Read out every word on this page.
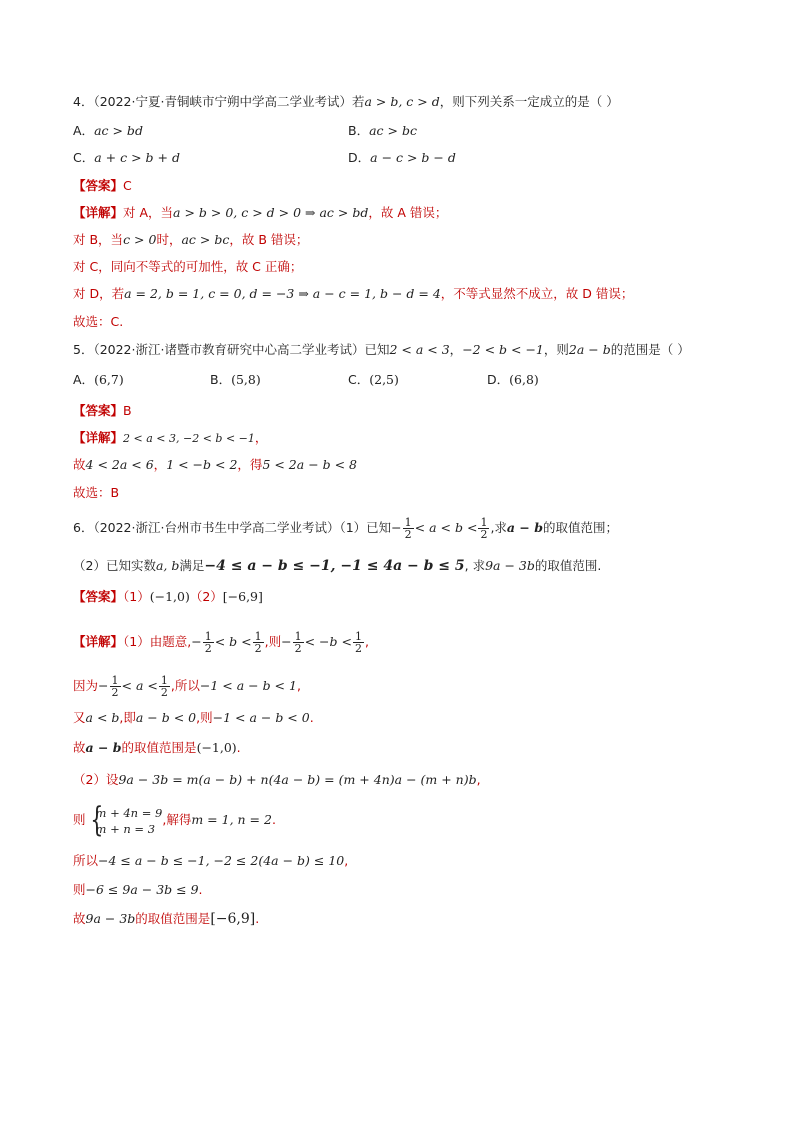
4．（2022·宁夏·青铜峡市宁朔中学高二学业考试）若a > b, c > d，则下列关系一定成立的是（ ）
A．ac > bd	B．ac > bc
C．a + c > b + d	D．a − c > b − d
【答案】C
【详解】对 A，当a > b > 0, c > d > 0 ⇒ ac > bd，故 A 错误；
对 B，当c > 0时，ac > bc，故 B 错误；
对 C，同向不等式的可加性，故 C 正确；
对 D，若a = 2, b = 1, c = 0, d = −3 ⇒ a − c = 1, b − d = 4，不等式显然不成立，故 D 错误；
故选：C.
5．（2022·浙江·诸暨市教育研究中心高二学业考试）已知2 < a < 3，−2 < b < −1，则2a − b的范围是（ ）
A．(6,7)	B．(5,8)	C．(2,5)	D．(6,8)
【答案】B
【详解】2 < a < 3, −2 < b < −1，
故4 < 2a < 6，1 < −b < 2，得5 < 2a − b < 8
故选：B
6．（2022·浙江·台州市书生中学高二学业考试）（1）已知− $\frac{1}{2} < a < b < \frac{1}{2}$ ,求a − b的取值范围；
（2）已知实数a, b满足−4 ≤ a − b ≤ −1, −1 ≤ 4a − b ≤ 5, 求9a − 3b的取值范围.
【答案】（1）(−1,0)（2）[−6,9]
【详解】（1）由题意,− $\frac{1}{2} < b < \frac{1}{2}$ ,则− $\frac{1}{2} < -b < \frac{1}{2}$ ,
因为− $\frac{1}{2} < a < \frac{1}{2}$ ,所以−1 < a − b < 1,
又a < b,即a − b < 0,则−1 < a − b < 0.
故a − b的取值范围是(−1,0).
（2）设9a − 3b = m(a − b) + n(4a − b) = (m + 4n)a − (m + n)b,
则 {
m + 4n = 9
m + n = 3
,解得m = 1, n = 2.
所以−4 ≤ a − b ≤ −1, −2 ≤ 2(4a − b) ≤ 10,
则−6 ≤ 9a − 3b ≤ 9.
故9a − 3b的取值范围是[−6,9].
